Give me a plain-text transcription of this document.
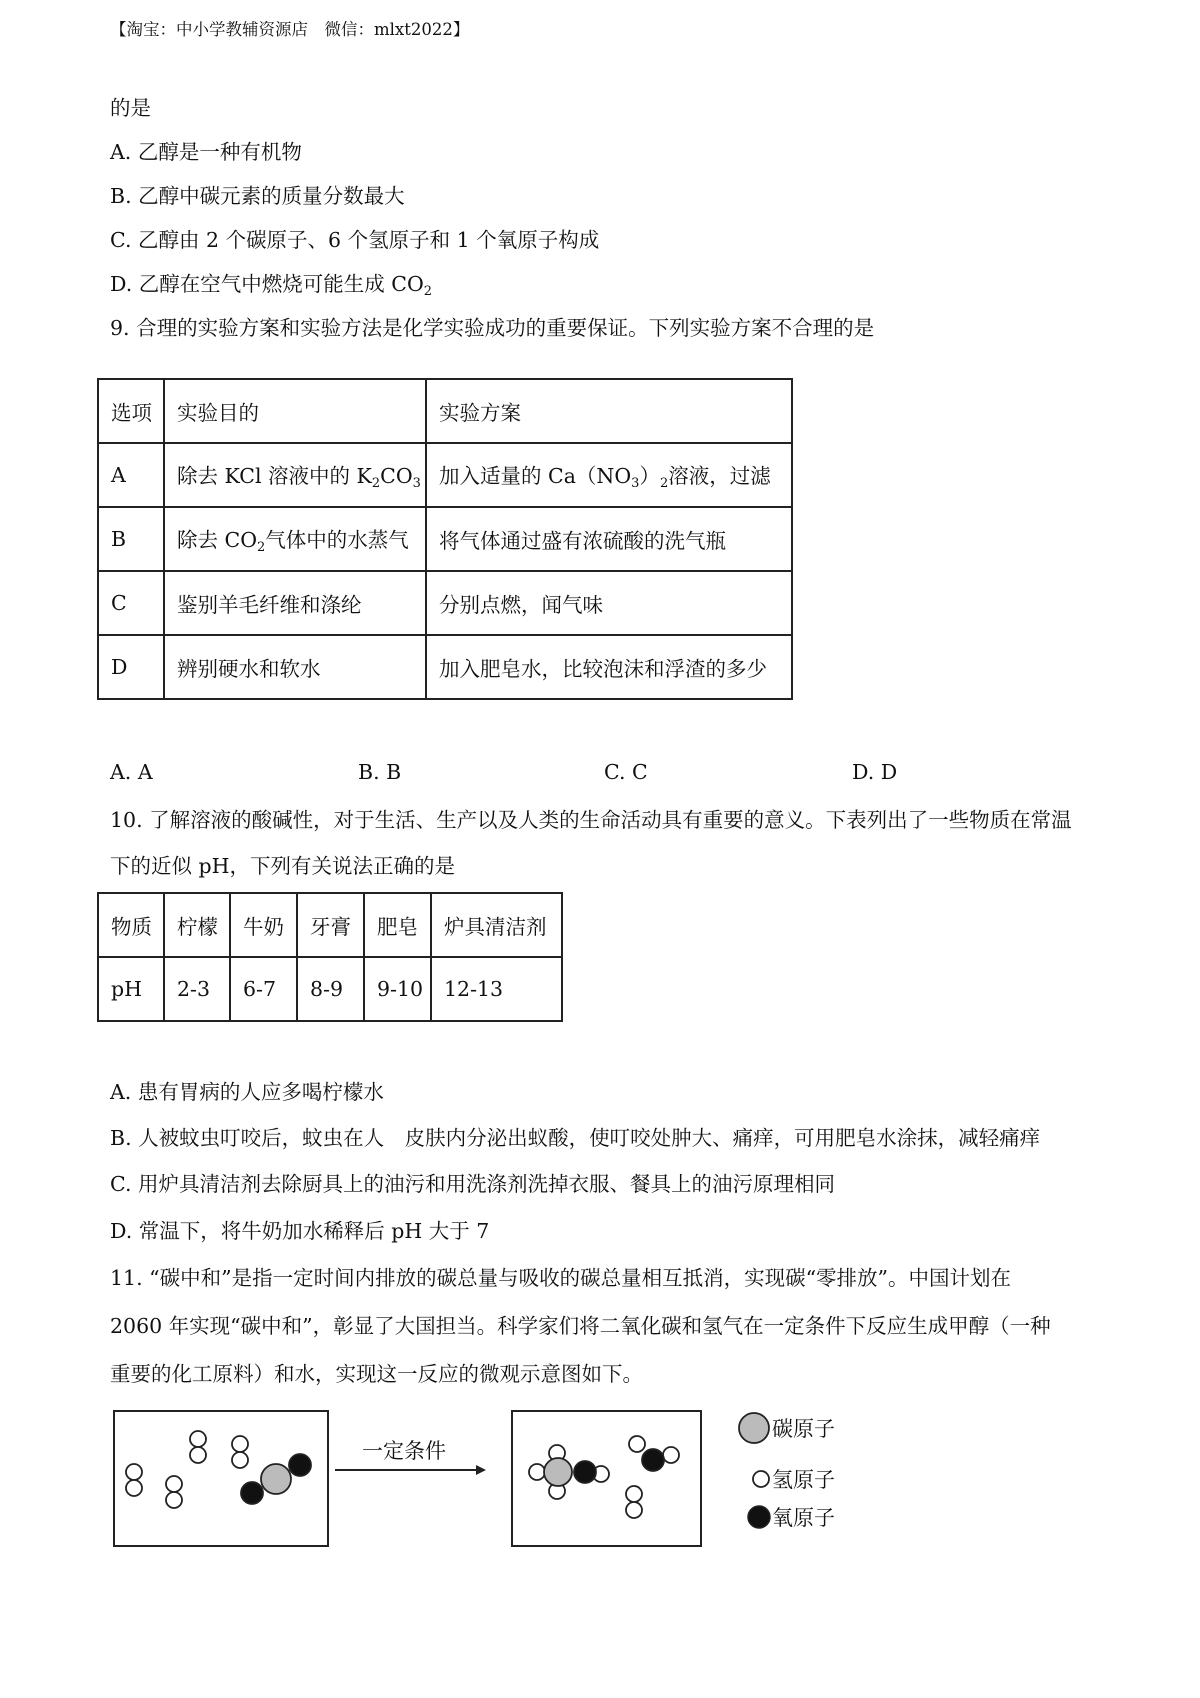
【淘宝：中小学教辅资源店　微信：mlxt2022】
的是
A. 乙醇是一种有机物
B. 乙醇中碳元素的质量分数最大
C. 乙醇由 2 个碳原子、6 个氢原子和 1 个氧原子构成
D. 乙醇在空气中燃烧可能生成 $CO_2$
9. 合理的实验方案和实验方法是化学实验成功的重要保证。下列实验方案不合理的是
选项	实验目的	实验方案
A	除去 KCl 溶液中的 $K_2CO_3$	加入适量的 $Ca(NO_3)_2$溶液，过滤
B	除去 $CO_2$气体中的水蒸气	将气体通过盛有浓硫酸的洗气瓶
C	鉴别羊毛纤维和涤纶	分别点燃，闻气味
D	辨别硬水和软水	加入肥皂水，比较泡沫和浮渣的多少
A. A	B. B	C. C	D. D
10. 了解溶液的酸碱性，对于生活、生产以及人类的生命活动具有重要的意义。下表列出了一些物质在常温
下的近似 pH，下列有关说法正确的是
物质	柠檬	牛奶	牙膏	肥皂	炉具清洁剂
pH	2-3	6-7	8-9	9-10	12-13
A. 患有胃病的人应多喝柠檬水
B. 人被蚊虫叮咬后，蚊虫在人　皮肤内分泌出蚁酸，使叮咬处肿大、痛痒，可用肥皂水涂抹，减轻痛痒
C. 用炉具清洁剂去除厨具上的油污和用洗涤剂洗掉衣服、餐具上的油污原理相同
D. 常温下，将牛奶加水稀释后 pH 大于 7
11. “碳中和”是指一定时间内排放的碳总量与吸收的碳总量相互抵消，实现碳“零排放”。中国计划在
2060 年实现“碳中和”，彰显了大国担当。科学家们将二氧化碳和氢气在一定条件下反应生成甲醇（一种
重要的化工原料）和水，实现这一反应的微观示意图如下。
一定条件
碳原子
氢原子
氧原子
